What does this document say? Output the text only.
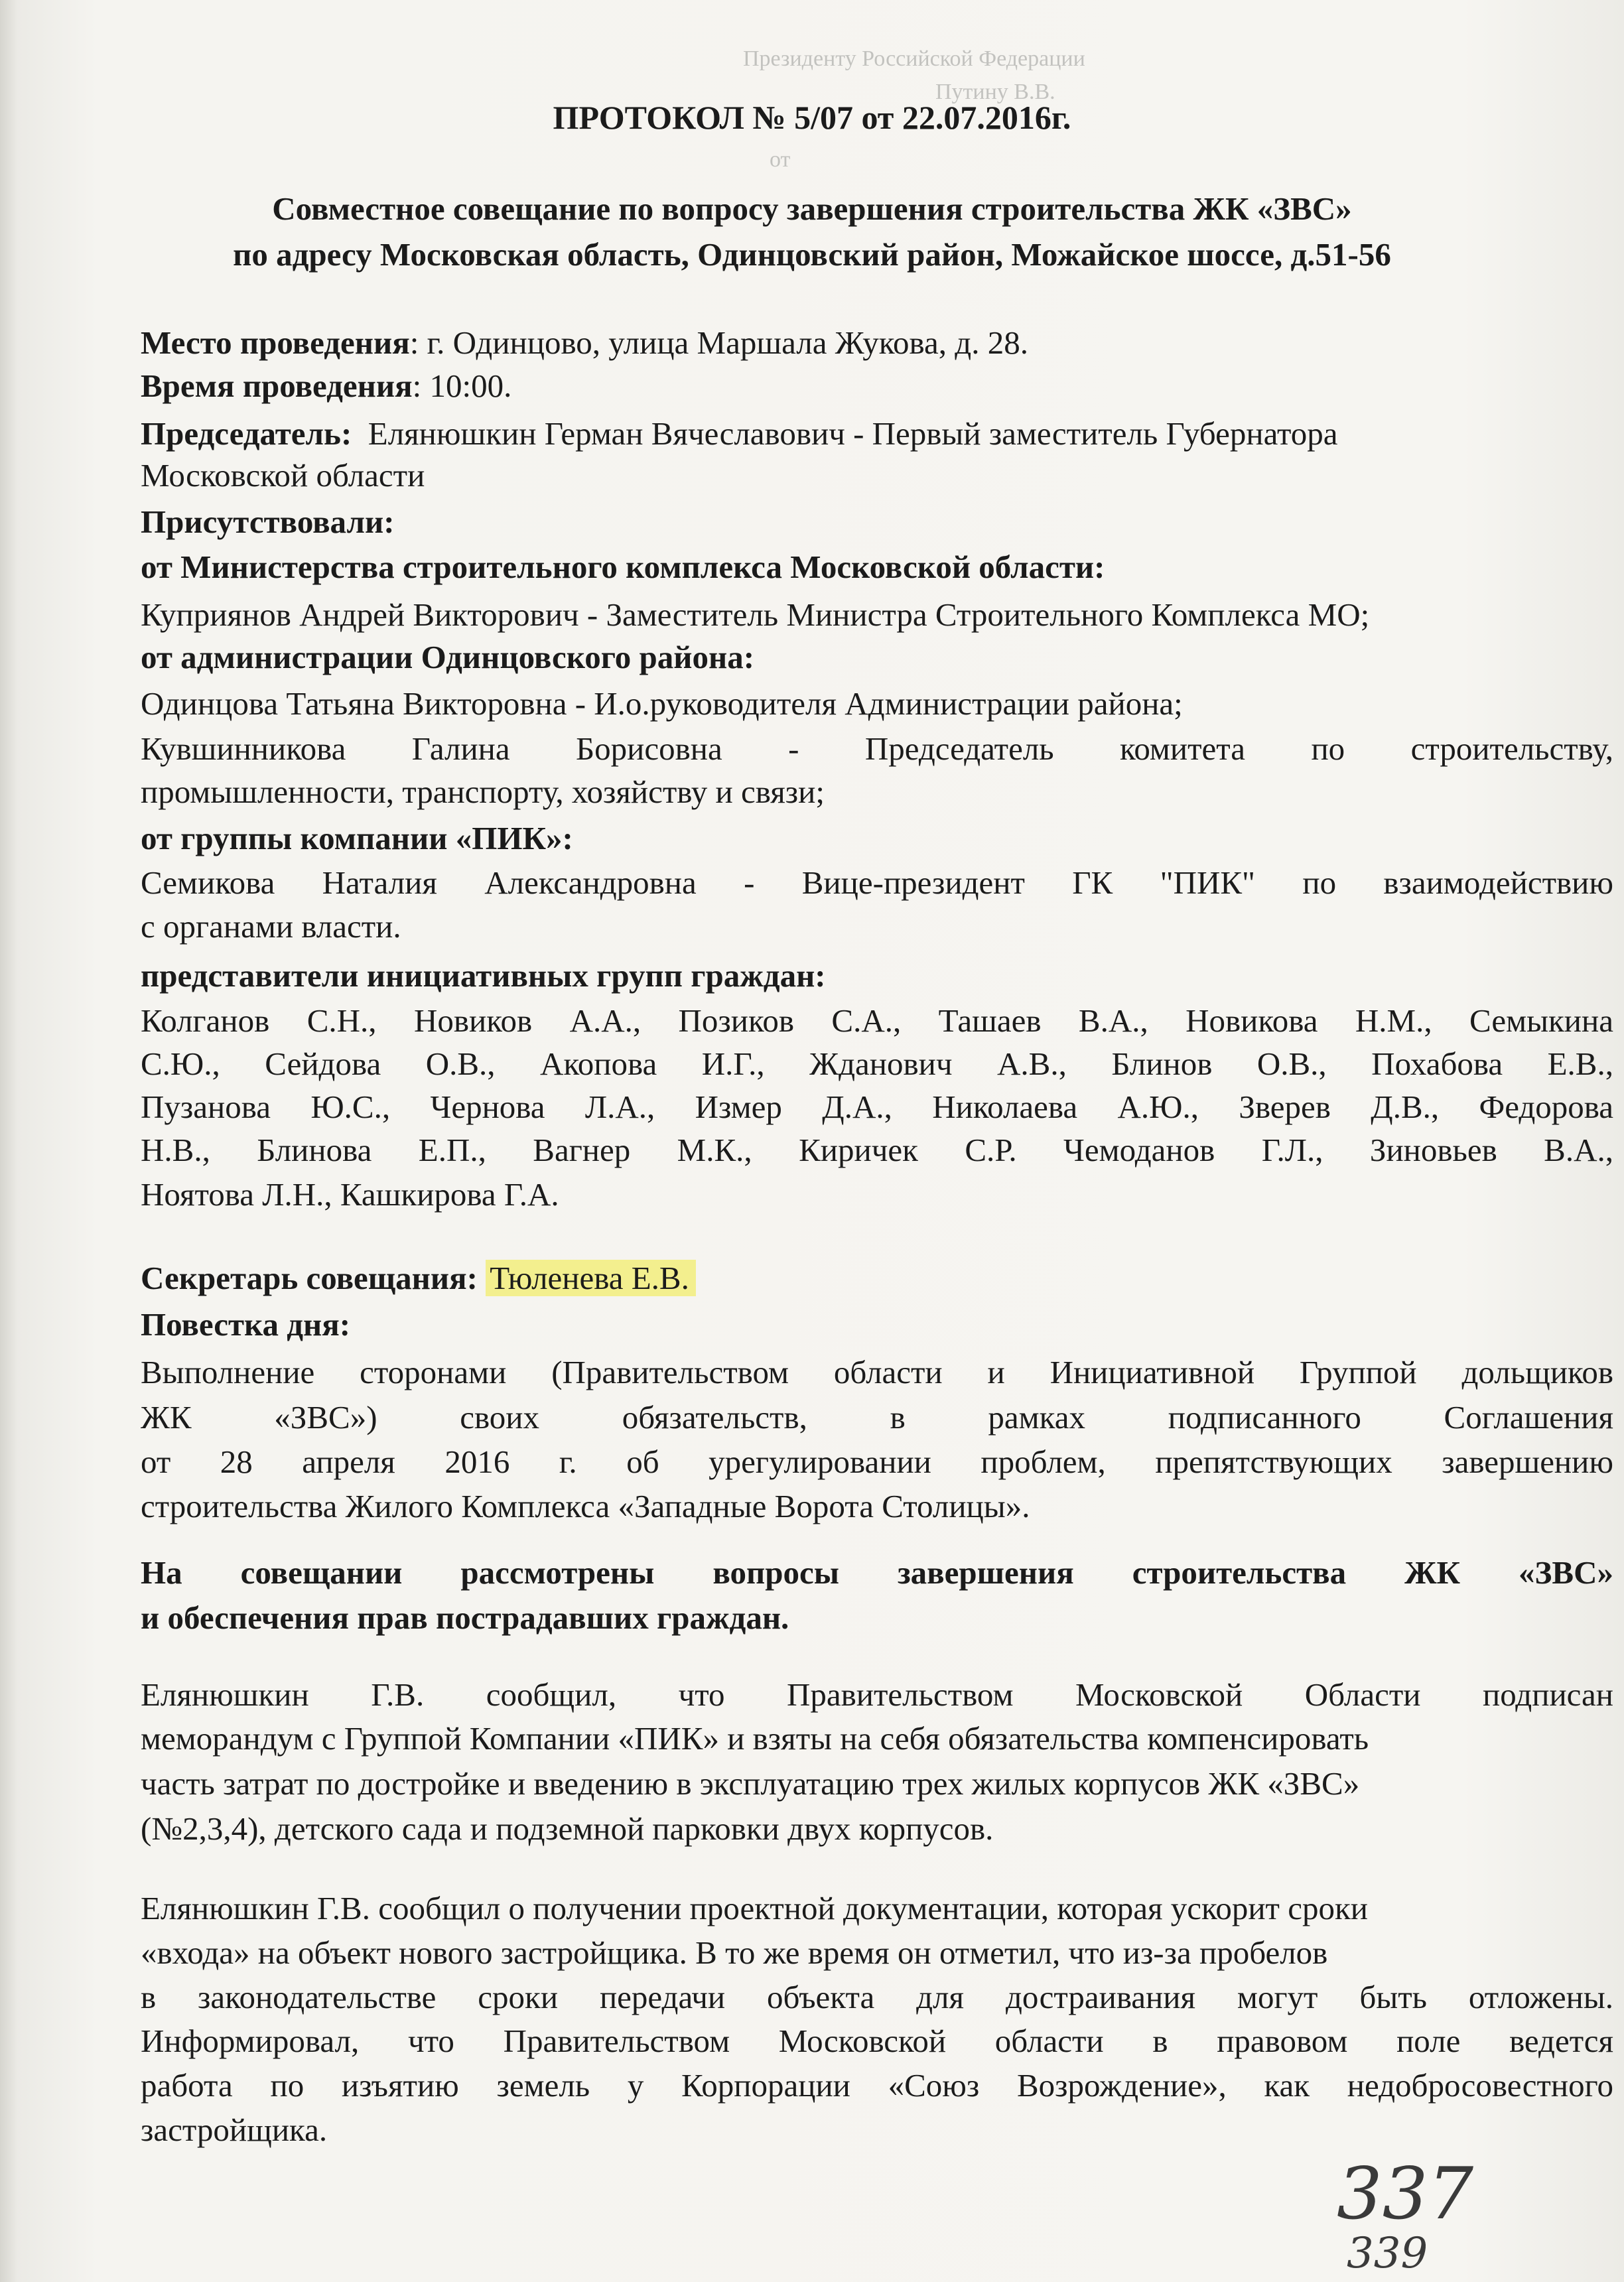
Президенту Российской Федерации
Путину В.В.
от
ПРОТОКОЛ № 5/07 от 22.07.2016г.
Совместное совещание по вопросу завершения строительства ЖК «ЗВС»
по адресу Московская область, Одинцовский район, Можайское шоссе, д.51-56
Место проведения: г. Одинцово, улица Маршала Жукова, д. 28.
Время проведения: 10:00.
Председатель: Елянюшкин Герман Вячеславович - Первый заместитель Губернатора
Московской области
Присутствовали:
от Министерства строительного комплекса Московской области:
Куприянов Андрей Викторович - Заместитель Министра Строительного Комплекса МО;
от администрации Одинцовского района:
Одинцова Татьяна Викторовна - И.о.руководителя Администрации района;
Кувшинникова Галина Борисовна - Председатель комитета по строительству,
промышленности, транспорту, хозяйству и связи;
от группы компании «ПИК»:
Семикова Наталия Александровна - Вице-президент ГК "ПИК" по взаимодействию
с органами власти.
представители инициативных групп граждан:
Колганов С.Н., Новиков А.А., Позиков С.А., Ташаев В.А., Новикова Н.М., Семыкина
С.Ю., Сейдова О.В., Акопова И.Г., Жданович А.В., Блинов О.В., Похабова Е.В.,
Пузанова Ю.С., Чернова Л.А., Измер Д.А., Николаева А.Ю., Зверев Д.В., Федорова
Н.В., Блинова Е.П., Вагнер М.К., Киричек С.Р. Чемоданов Г.Л., Зиновьев В.А.,
Ноятова Л.Н., Кашкирова Г.А.
Секретарь совещания: Тюленева Е.В.
Повестка дня:
Выполнение сторонами (Правительством области и Инициативной Группой дольщиков
ЖК «ЗВС») своих обязательств, в рамках подписанного Соглашения
от 28 апреля 2016 г. об урегулировании проблем, препятствующих завершению
строительства Жилого Комплекса «Западные Ворота Столицы».
На совещании рассмотрены вопросы завершения строительства ЖК «ЗВС»
и обеспечения прав пострадавших граждан.
Елянюшкин Г.В. сообщил, что Правительством Московской Области подписан
меморандум с Группой Компании «ПИК» и взяты на себя обязательства компенсировать
часть затрат по достройке и введению в эксплуатацию трех жилых корпусов ЖК «ЗВС»
(№2,3,4), детского сада и подземной парковки двух корпусов.
Елянюшкин Г.В. сообщил о получении проектной документации, которая ускорит сроки
«входа» на объект нового застройщика. В то же время он отметил, что из-за пробелов
в законодательстве сроки передачи объекта для достраивания могут быть отложены.
Информировал, что Правительством Московской области в правовом поле ведется
работа по изъятию земель у Корпорации «Союз Возрождение», как недобросовестного
застройщика.
337
339
